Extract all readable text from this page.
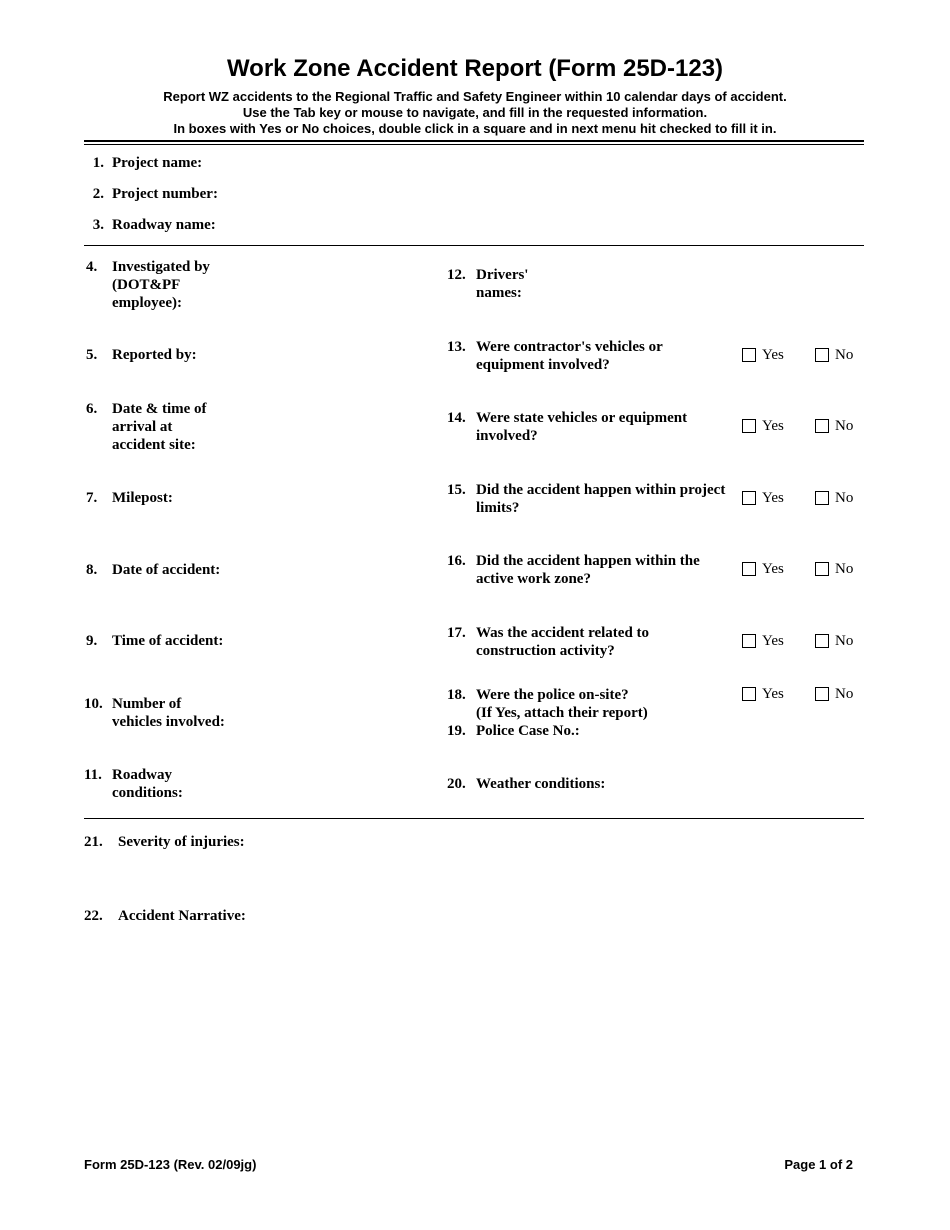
Work Zone Accident Report (Form 25D-123)
Report WZ accidents to the Regional Traffic and Safety Engineer within 10 calendar days of accident.
Use the Tab key or mouse to navigate, and fill in the requested information.
In boxes with Yes or No choices, double click in a square and in next menu hit checked to fill it in.
1. Project name:
2. Project number:
3. Roadway name:
4. Investigated by
(DOT&PF
employee):
5. Reported by:
6. Date & time of
arrival at
accident site:
7. Milepost:
8. Date of accident:
9. Time of accident:
10. Number of
vehicles involved:
11. Roadway
conditions:
12. Drivers'
names:
13. Were contractor's vehicles or
equipment involved?
Yes	No
14. Were state vehicles or equipment
involved?
Yes	No
15. Did the accident happen within project
limits?
Yes	No
16. Did the accident happen within the
active work zone?
Yes	No
17. Was the accident related to
construction activity?
Yes	No
18. Were the police on-site?
(If Yes, attach their report)
Yes	No
19. Police Case No.:
20. Weather conditions:
21. Severity of injuries:
22. Accident Narrative:
Form 25D-123 (Rev. 02/09jg)	Page 1 of 2
